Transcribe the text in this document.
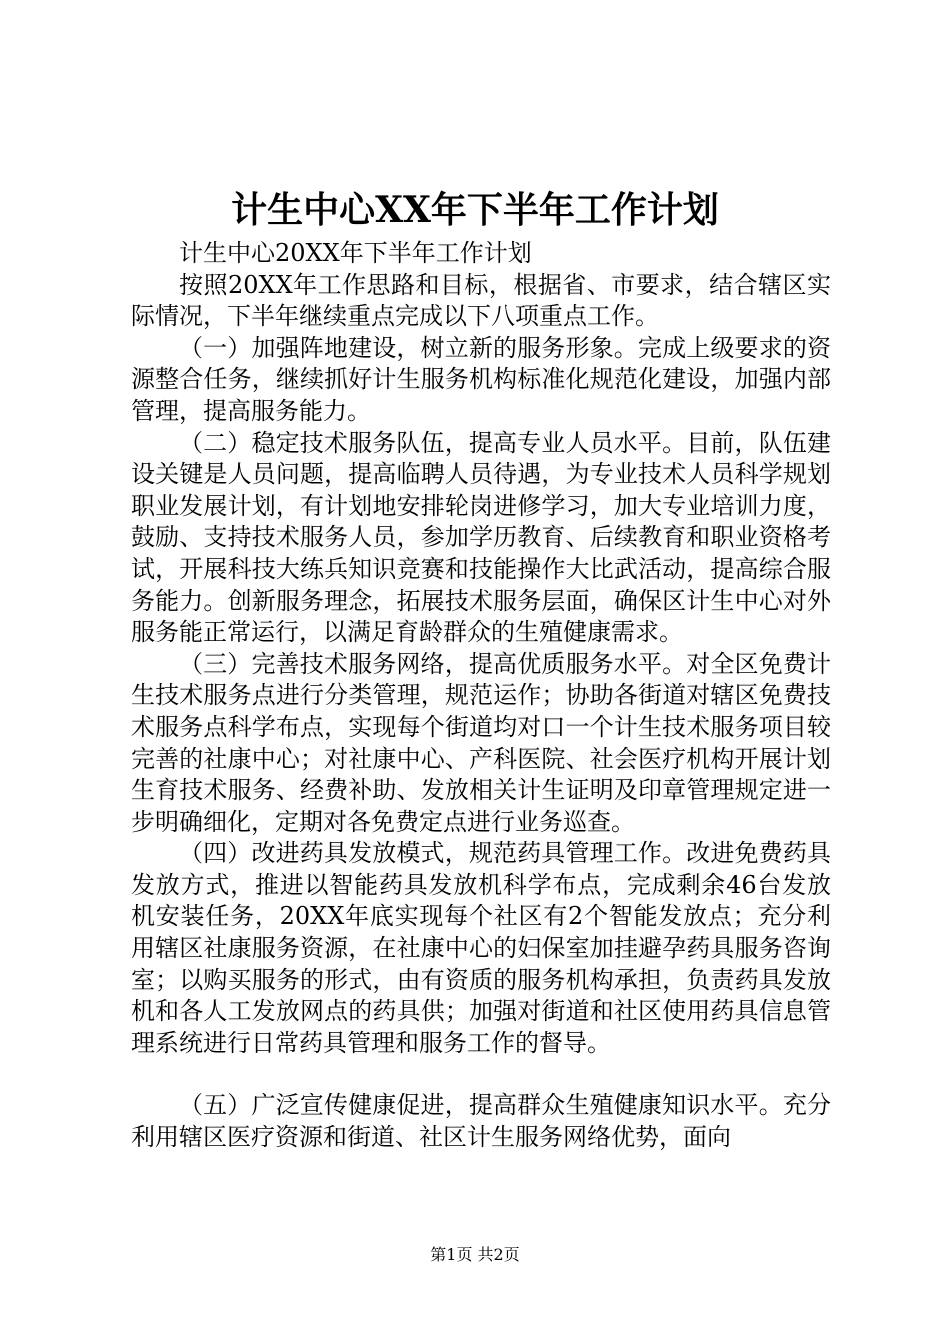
计生中心XX年下半年工作计划

计生中心20XX年下半年工作计划

按照20XX年工作思路和目标，根据省、市要求，结合辖区实际情况，下半年继续重点完成以下八项重点工作。

（一）加强阵地建设，树立新的服务形象。完成上级要求的资源整合任务，继续抓好计生服务机构标准化规范化建设，加强内部管理，提高服务能力。

（二）稳定技术服务队伍，提高专业人员水平。目前，队伍建设关键是人员问题，提高临聘人员待遇，为专业技术人员科学规划职业发展计划，有计划地安排轮岗进修学习，加大专业培训力度，鼓励、支持技术服务人员，参加学历教育、后续教育和职业资格考试，开展科技大练兵知识竞赛和技能操作大比武活动，提高综合服务能力。创新服务理念，拓展技术服务层面，确保区计生中心对外服务能正常运行，以满足育龄群众的生殖健康需求。

（三）完善技术服务网络，提高优质服务水平。对全区免费计生技术服务点进行分类管理，规范运作；协助各街道对辖区免费技术服务点科学布点，实现每个街道均对口一个计生技术服务项目较完善的社康中心；对社康中心、产科医院、社会医疗机构开展计划生育技术服务、经费补助、发放相关计生证明及印章管理规定进一步明确细化，定期对各免费定点进行业务巡查。

（四）改进药具发放模式，规范药具管理工作。改进免费药具发放方式，推进以智能药具发放机科学布点，完成剩余46台发放机安装任务，20XX年底实现每个社区有2个智能发放点；充分利用辖区社康服务资源，在社康中心的妇保室加挂避孕药具服务咨询室；以购买服务的形式，由有资质的服务机构承担，负责药具发放机和各人工发放网点的药具供；加强对街道和社区使用药具信息管理系统进行日常药具管理和服务工作的督导。

（五）广泛宣传健康促进，提高群众生殖健康知识水平。充分利用辖区医疗资源和街道、社区计生服务网络优势，面向

第1页 共2页
